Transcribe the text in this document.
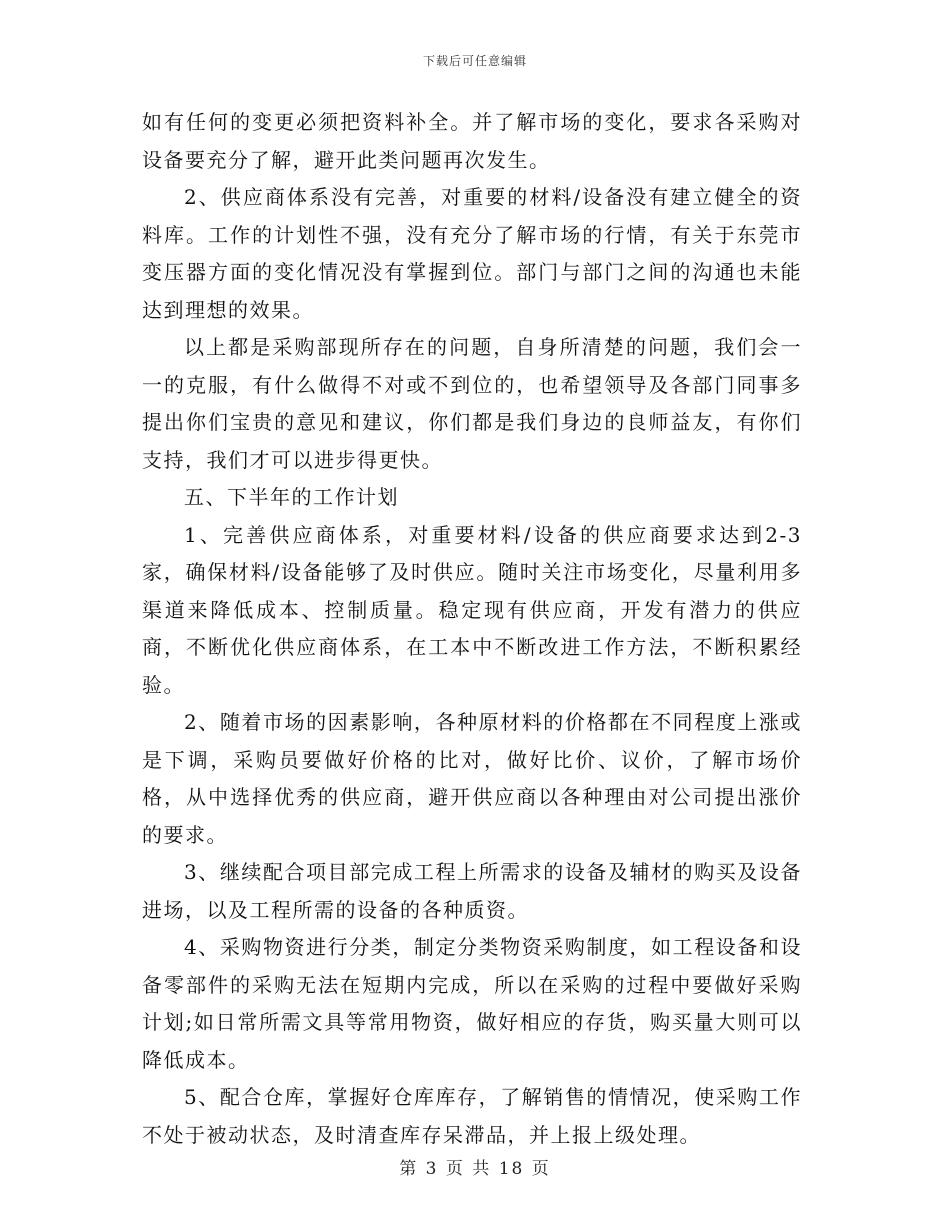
下载后可任意编辑

如有任何的变更必须把资料补全。并了解市场的变化，要求各采购对设备要充分了解，避开此类问题再次发生。

2、供应商体系没有完善，对重要的材料/设备没有建立健全的资料库。工作的计划性不强，没有充分了解市场的行情，有关于东莞市变压器方面的变化情况没有掌握到位。部门与部门之间的沟通也未能达到理想的效果。

以上都是采购部现所存在的问题，自身所清楚的问题，我们会一一的克服，有什么做得不对或不到位的，也希望领导及各部门同事多提出你们宝贵的意见和建议，你们都是我们身边的良师益友，有你们支持，我们才可以进步得更快。

五、下半年的工作计划

1、完善供应商体系，对重要材料/设备的供应商要求达到2-3家，确保材料/设备能够了及时供应。随时关注市场变化，尽量利用多渠道来降低成本、控制质量。稳定现有供应商，开发有潜力的供应商，不断优化供应商体系，在工本中不断改进工作方法，不断积累经验。

2、随着市场的因素影响，各种原材料的价格都在不同程度上涨或是下调，采购员要做好价格的比对，做好比价、议价，了解市场价格，从中选择优秀的供应商，避开供应商以各种理由对公司提出涨价的要求。

3、继续配合项目部完成工程上所需求的设备及辅材的购买及设备进场，以及工程所需的设备的各种质资。

4、采购物资进行分类，制定分类物资采购制度，如工程设备和设备零部件的采购无法在短期内完成，所以在采购的过程中要做好采购计划;如日常所需文具等常用物资，做好相应的存货，购买量大则可以降低成本。

5、配合仓库，掌握好仓库库存，了解销售的情情况，使采购工作不处于被动状态，及时清查库存呆滞品，并上报上级处理。

第 3 页 共 18 页
